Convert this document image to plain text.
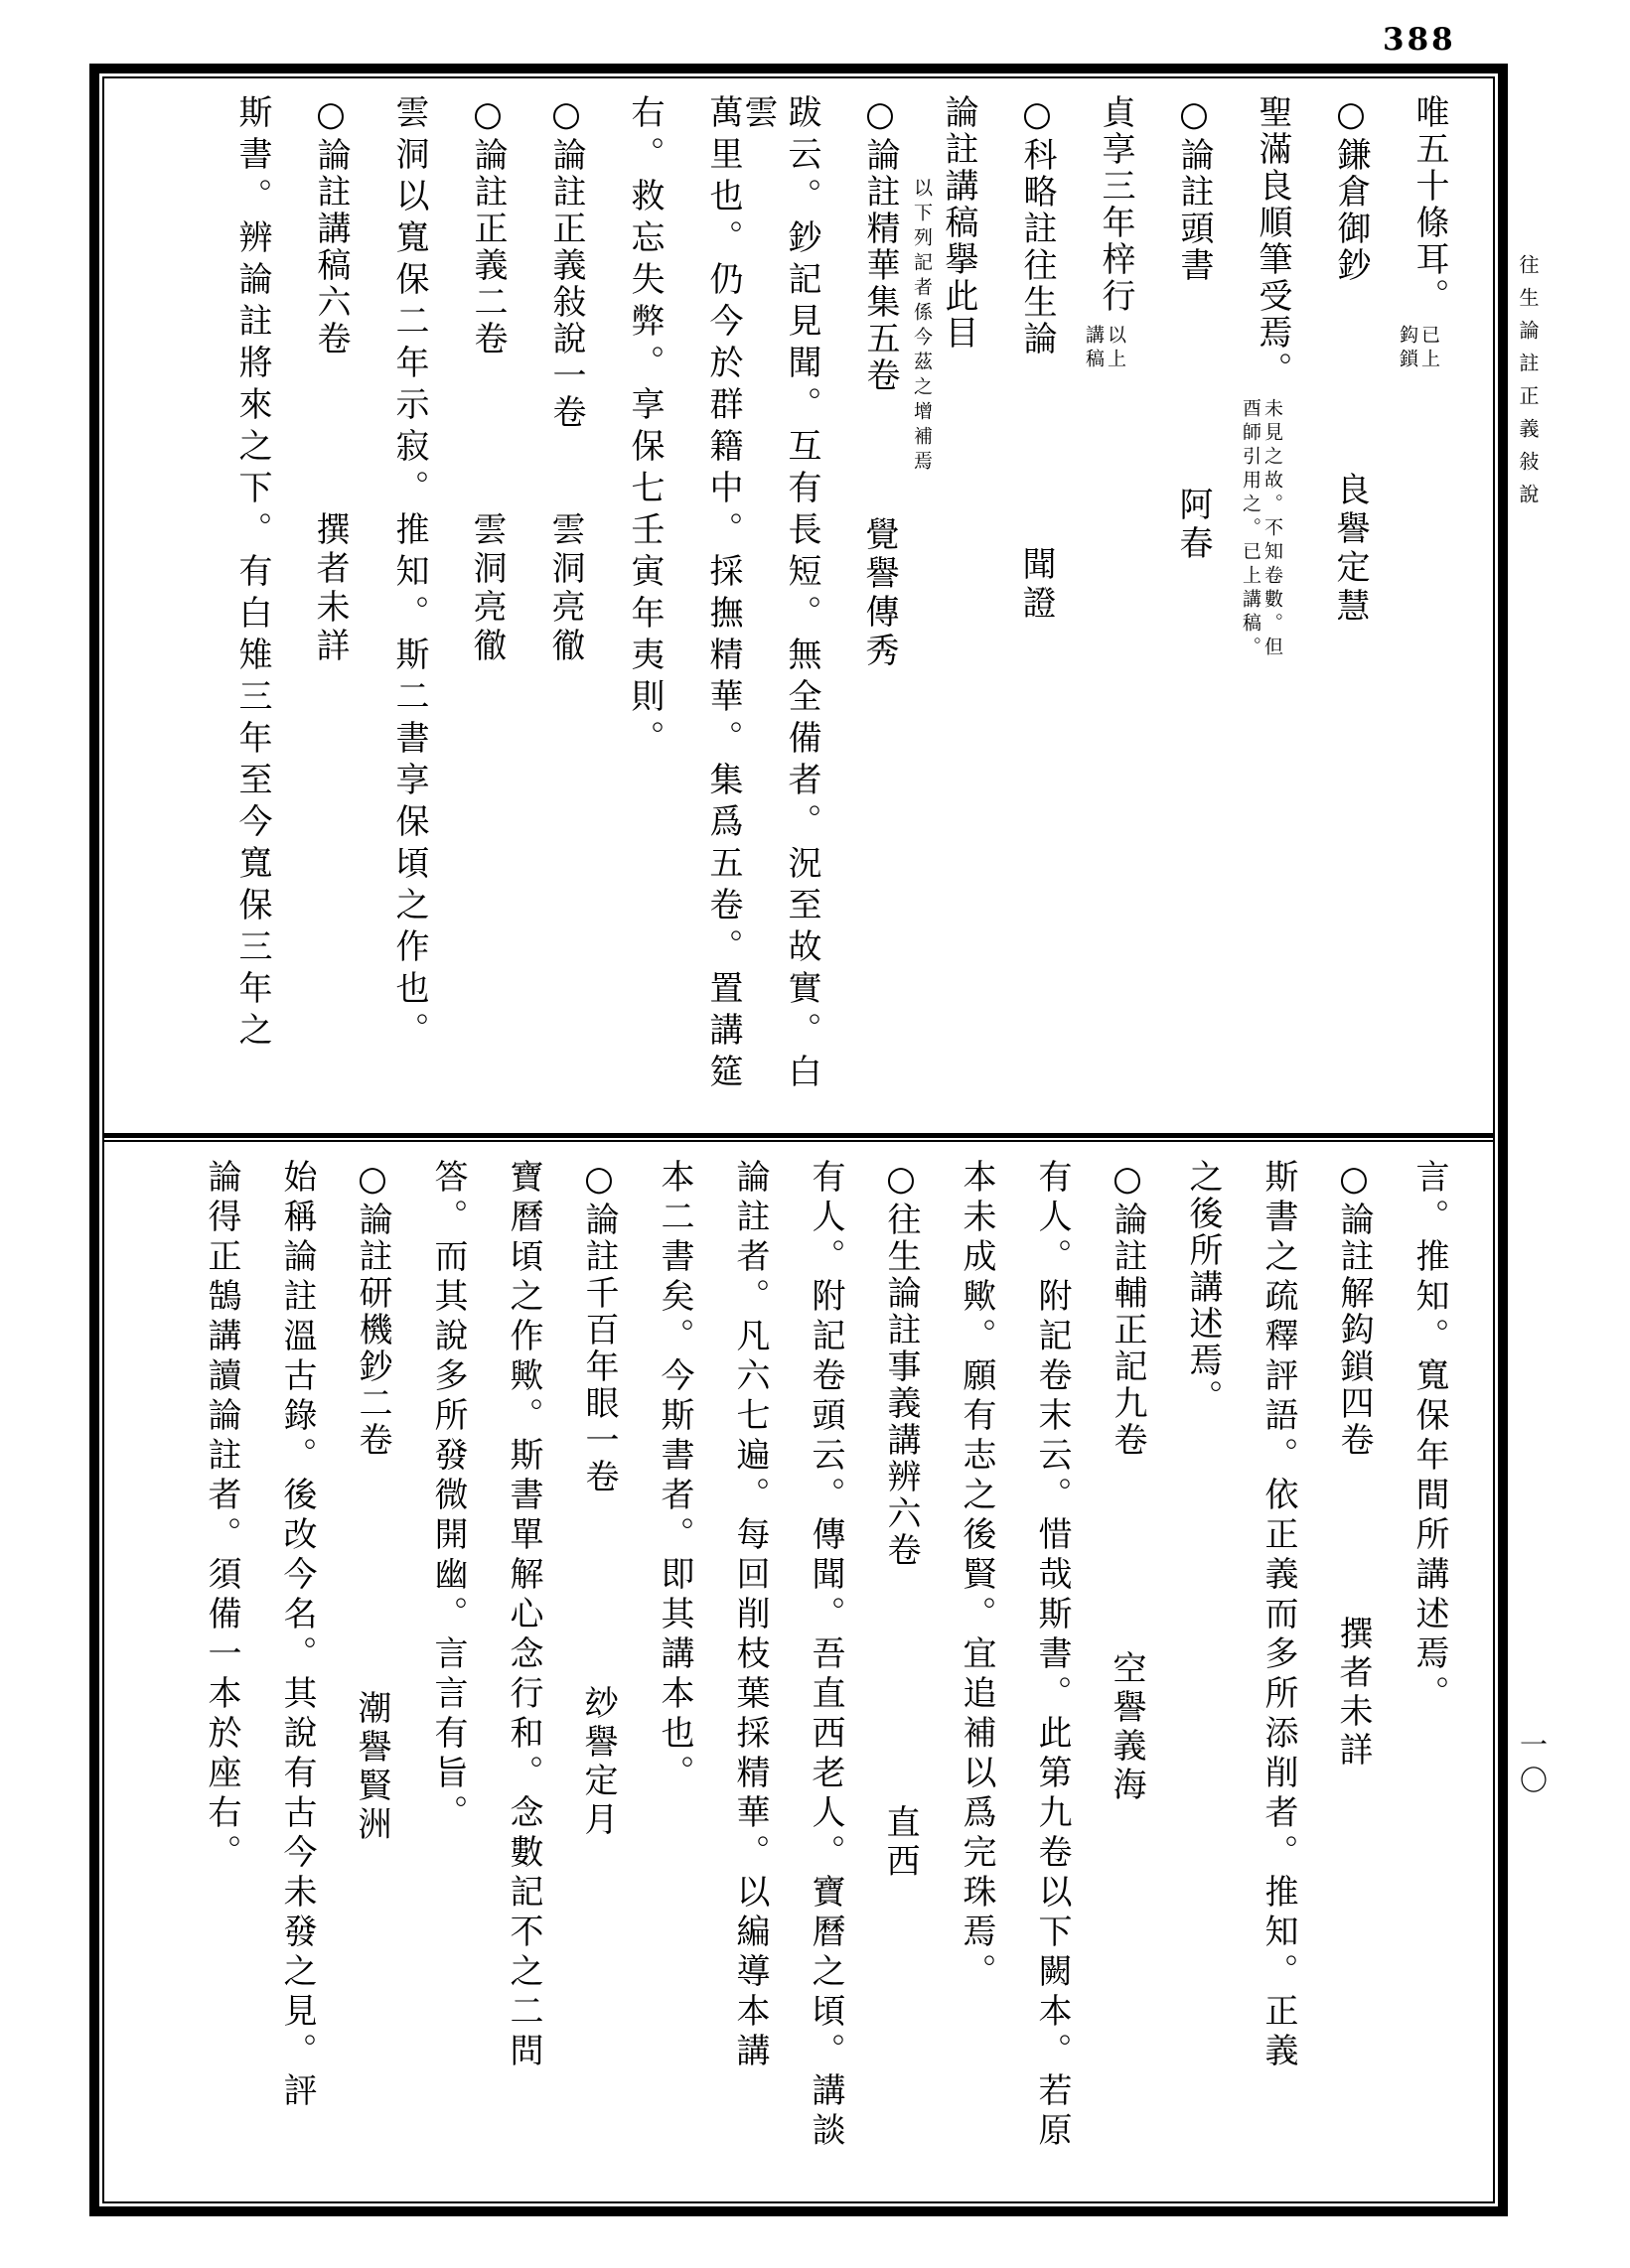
388
唯五十條耳。
已上
鈎鎖
○鎌倉御鈔
良譽定慧
聖滿良順筆受焉。
未見之故。不知卷數。但
酉師引用之。已上講稿。
○論註頭書
阿春
貞享三年梓行
以上
講稿
○科略註往生論
聞證
論註講稿擧此目
以下列記者係今茲之增補焉
○論註精華集五卷
覺譽傳秀
跋云。鈔記見聞。互有長短。無全備者。況至故實。白雲
萬里也。仍今於群籍中。採撫精華。集爲五卷。置講筵
右。救忘失弊。享保七壬寅年夷則。
○論註正義敍說一卷
雲洞亮徹
○論註正義二卷
雲洞亮徹
雲洞以寬保二年示寂。推知。斯二書享保頃之作也。
○論註講稿六卷
撰者未詳
斯書。辨論註將來之下。有白雉三年至今寬保三年之
言。推知。寬保年間所講述焉。
○論註解鈎鎖四卷
撰者未詳
斯書之疏釋評語。依正義而多所添削者。推知。正義
之後所講述焉。
○論註輔正記九卷
空譽義海
有人。附記卷末云。惜哉斯書。此第九卷以下闕本。若原
本未成歟。願有志之後賢。宜追補以爲完珠焉。
○往生論註事義講辨六卷
直西
有人。附記卷頭云。傳聞。吾直西老人。寶曆之頃。講談
論註者。凡六七遍。每回削枝葉採精華。以編導本講
本二書矣。今斯書者。即其講本也。
○論註千百年眼一卷
玅譽定月
寶曆頃之作歟。斯書單解心念行和。念數記不之二問
答。而其說多所發微開幽。言言有旨。
○論註研機鈔二卷
潮譽賢洲
始稱論註溫古錄。後改今名。其說有古今未發之見。評
論得正鵠講讀論註者。須備一本於座右。
往生論註正義敍說
一〇
